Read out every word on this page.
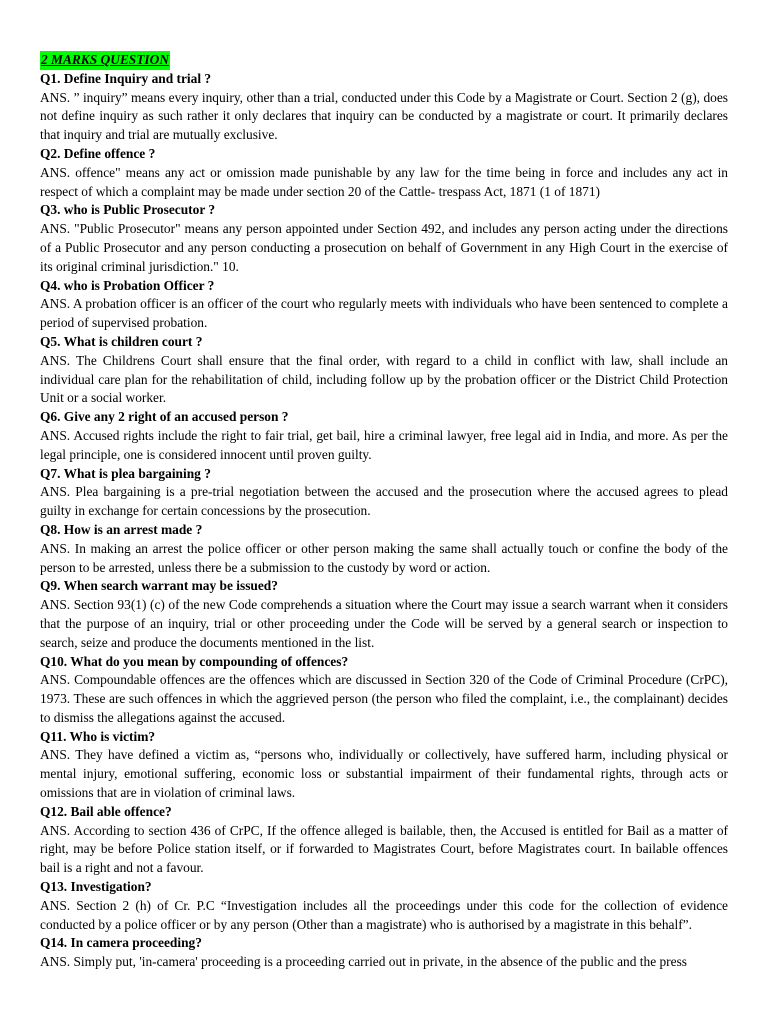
2 MARKS QUESTION

Q1. Define Inquiry and trial ?

ANS. ” inquiry” means every inquiry, other than a trial, conducted under this Code by a Magistrate or Court. Section 2 (g), does not define inquiry as such rather it only declares that inquiry can be conducted by a magistrate or court. It primarily declares that inquiry and trial are mutually exclusive.

Q2. Define offence ?

ANS. offence" means any act or omission made punishable by any law for the time being in force and includes any act in respect of which a complaint may be made under section 20 of the Cattle- trespass Act, 1871 (1 of 1871)

Q3. who is Public Prosecutor ?

ANS. "Public Prosecutor" means any person appointed under Section 492, and includes any person acting under the directions of a Public Prosecutor and any person conducting a prosecution on behalf of Government in any High Court in the exercise of its original criminal jurisdiction." 10.

Q4. who is Probation Officer ?

ANS. A probation officer is an officer of the court who regularly meets with individuals who have been sentenced to complete a period of supervised probation.

Q5. What is children court ?

ANS. The Childrens Court shall ensure that the final order, with regard to a child in conflict with law, shall include an individual care plan for the rehabilitation of child, including follow up by the probation officer or the District Child Protection Unit or a social worker.

Q6. Give any 2 right of an accused person ?

ANS. Accused rights include the right to fair trial, get bail, hire a criminal lawyer, free legal aid in India, and more. As per the legal principle, one is considered innocent until proven guilty.

Q7. What is plea bargaining ?

ANS. Plea bargaining is a pre-trial negotiation between the accused and the prosecution where the accused agrees to plead guilty in exchange for certain concessions by the prosecution.

Q8. How is an arrest made ?

ANS. In making an arrest the police officer or other person making the same shall actually touch or confine the body of the person to be arrested, unless there be a submission to the custody by word or action.

Q9. When search warrant may be issued?

ANS. Section 93(1) (c) of the new Code comprehends a situation where the Court may issue a search warrant when it considers that the purpose of an inquiry, trial or other proceeding under the Code will be served by a general search or inspection to search, seize and produce the documents mentioned in the list.

Q10. What do you mean by compounding of offences?

ANS. Compoundable offences are the offences which are discussed in Section 320 of the Code of Criminal Procedure (CrPC), 1973. These are such offences in which the aggrieved person (the person who filed the complaint, i.e., the complainant) decides to dismiss the allegations against the accused.

Q11. Who is victim?

ANS. They have defined a victim as, “persons who, individually or collectively, have suffered harm, including physical or mental injury, emotional suffering, economic loss or substantial impairment of their fundamental rights, through acts or omissions that are in violation of criminal laws.

Q12. Bail able offence?

ANS. According to section 436 of CrPC, If the offence alleged is bailable, then, the Accused is entitled for Bail as a matter of right, may be before Police station itself, or if forwarded to Magistrates Court, before Magistrates court. In bailable offences bail is a right and not a favour.

Q13. Investigation?

ANS. Section 2 (h) of Cr. P.C “Investigation includes all the proceedings under this code for the collection of evidence conducted by a police officer or by any person (Other than a magistrate) who is authorised by a magistrate in this behalf”.

Q14. In camera proceeding?

ANS. Simply put, 'in-camera' proceeding is a proceeding carried out in private, in the absence of the public and the press
